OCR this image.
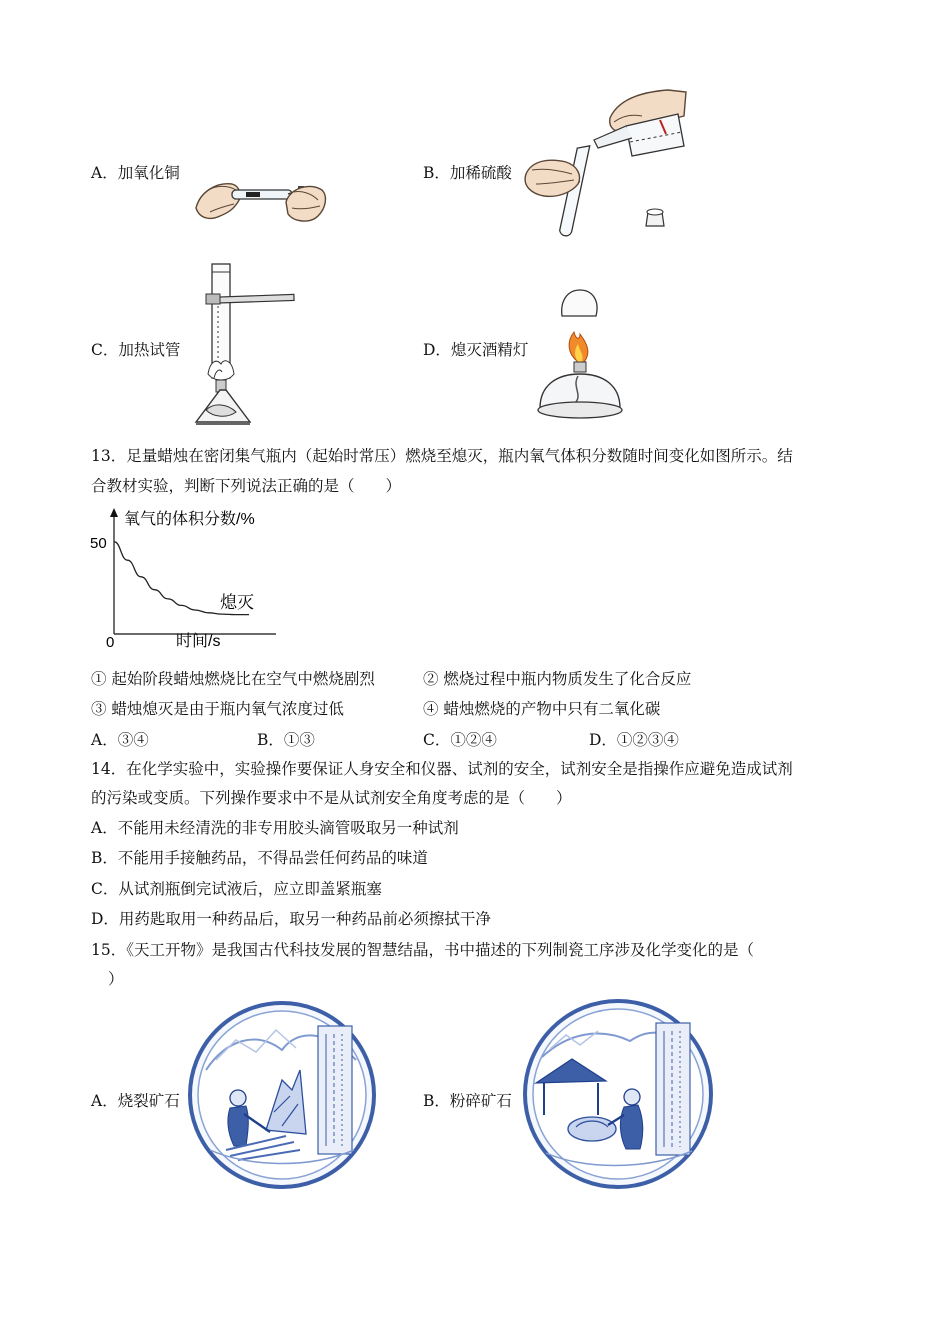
A．加氧化铜	B．加稀硫酸
C．加热试管	D．熄灭酒精灯
13．足量蜡烛在密闭集气瓶内（起始时常压）燃烧至熄灭，瓶内氧气体积分数随时间变化如图所示。结
合教材实验，判断下列说法正确的是（　　）
氧气的体积分数/%
50
0	时间/s
熄灭
① 起始阶段蜡烛燃烧比在空气中燃烧剧烈	② 燃烧过程中瓶内物质发生了化合反应
③ 蜡烛熄灭是由于瓶内氧气浓度过低	④ 蜡烛燃烧的产物中只有二氧化碳
A．③④	B．①③	C．①②④	D．①②③④
14．在化学实验中，实验操作要保证人身安全和仪器、试剂的安全，试剂安全是指操作应避免造成试剂
的污染或变质。下列操作要求中不是从试剂安全角度考虑的是（　　）
A．不能用未经清洗的非专用胶头滴管吸取另一种试剂
B．不能用手接触药品，不得品尝任何药品的味道
C．从试剂瓶倒完试液后，应立即盖紧瓶塞
D．用药匙取用一种药品后，取另一种药品前必须擦拭干净
15．《天工开物》是我国古代科技发展的智慧结晶，书中描述的下列制瓷工序涉及化学变化的是（
）
A．烧裂矿石	B．粉碎矿石
